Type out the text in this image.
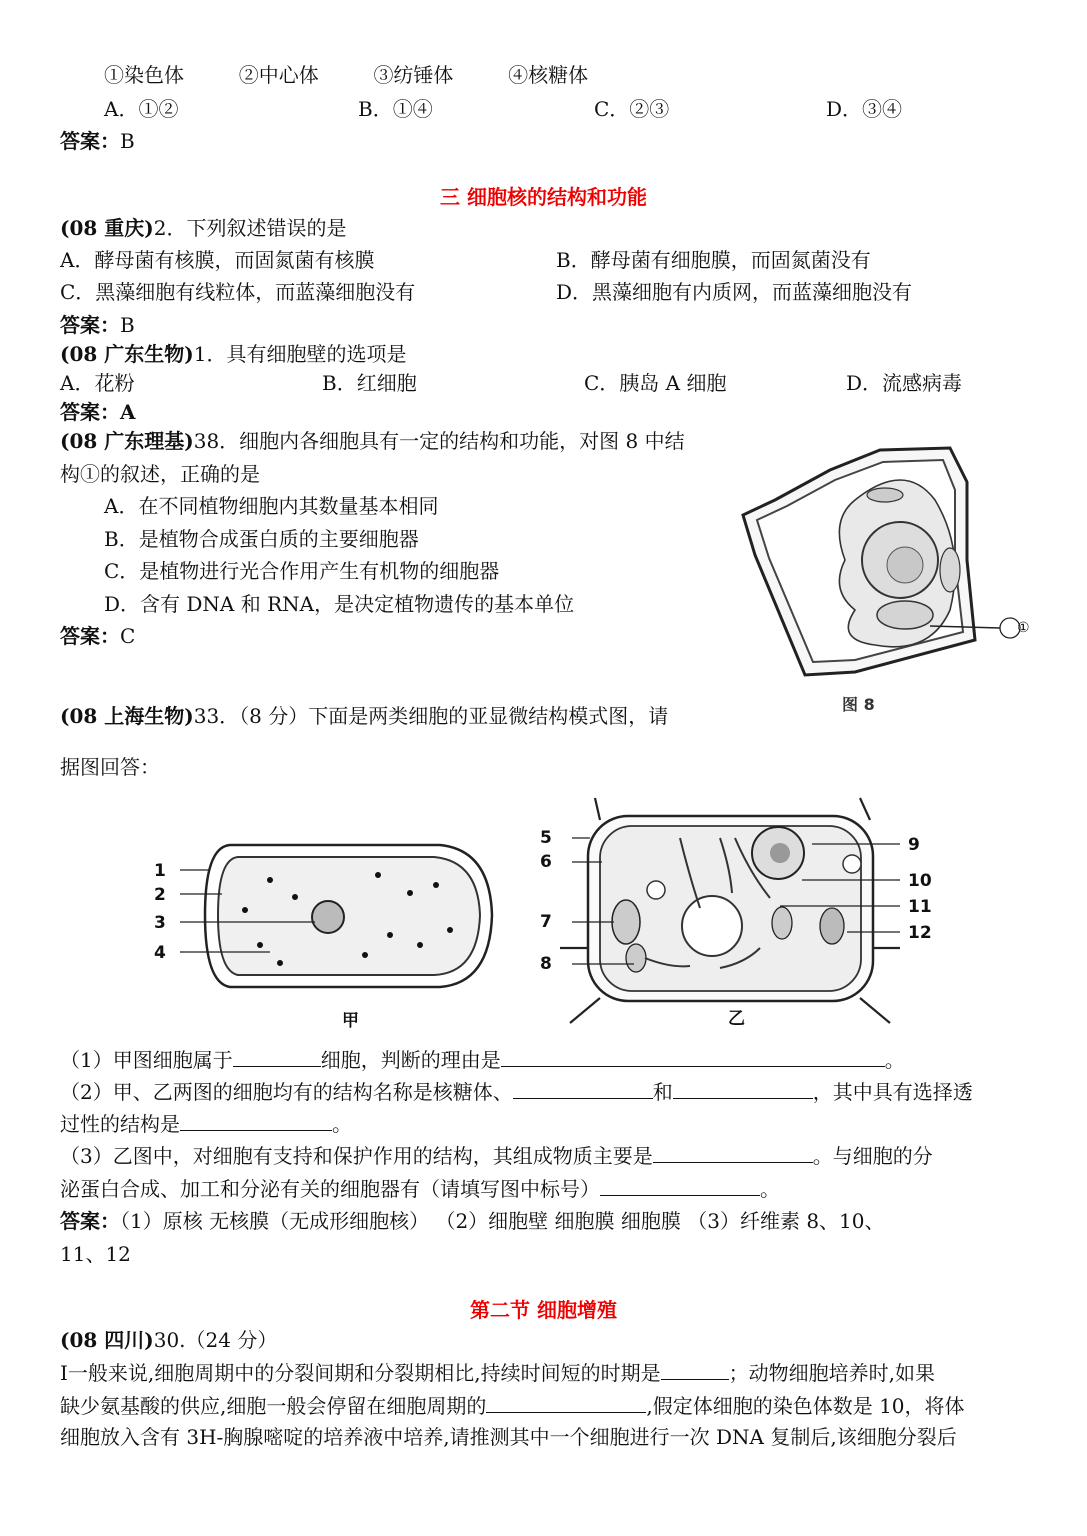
①染色体	②中心体	③纺锤体	④核糖体
A．①②	B．①④	C．②③	D．③④
答案：B
三 细胞核的结构和功能
(08 重庆)2．下列叙述错误的是
A．酵母菌有核膜，而固氮菌有核膜	B．酵母菌有细胞膜，而固氮菌没有
C．黑藻细胞有线粒体，而蓝藻细胞没有	D．黑藻细胞有内质网，而蓝藻细胞没有
答案：B
(08 广东生物)1．具有细胞壁的选项是
A．花粉	B．红细胞	C．胰岛 A 细胞	D．流感病毒
答案：A
(08 广东理基)38．细胞内各细胞具有一定的结构和功能，对图 8 中结
构①的叙述，正确的是
A．在不同植物细胞内其数量基本相同
B．是植物合成蛋白质的主要细胞器
C．是植物进行光合作用产生有机物的细胞器
D．含有 DNA 和 RNA，是决定植物遗传的基本单位
答案：C	①
图 8
(08 上海生物)33．（8 分）下面是两类细胞的亚显微结构模式图，请
据图回答：
1
2
3
4
甲
5
6
7
8
9
10
11
12
乙
（1）甲图细胞属于	细胞，判断的理由是	。
（2）甲、乙两图的细胞均有的结构名称是核糖体、	和	，其中具有选择透
过性的结构是	。
（3）乙图中，对细胞有支持和保护作用的结构，其组成物质主要是	。与细胞的分
泌蛋白合成、加工和分泌有关的细胞器有（请填写图中标号）	。
答案：（1）原核 无核膜（无成形细胞核） （2）细胞壁 细胞膜 细胞膜 （3）纤维素 8、10、
11、12
第二节 细胞增殖
(08 四川)30.（24 分）
Ⅰ一般来说,细胞周期中的分裂间期和分裂期相比,持续时间短的时期是	；动物细胞培养时,如果
缺少氨基酸的供应,细胞一般会停留在细胞周期的	,假定体细胞的染色体数是 10，将体
细胞放入含有 3H-胸腺嘧啶的培养液中培养,请推测其中一个细胞进行一次 DNA 复制后,该细胞分裂后
